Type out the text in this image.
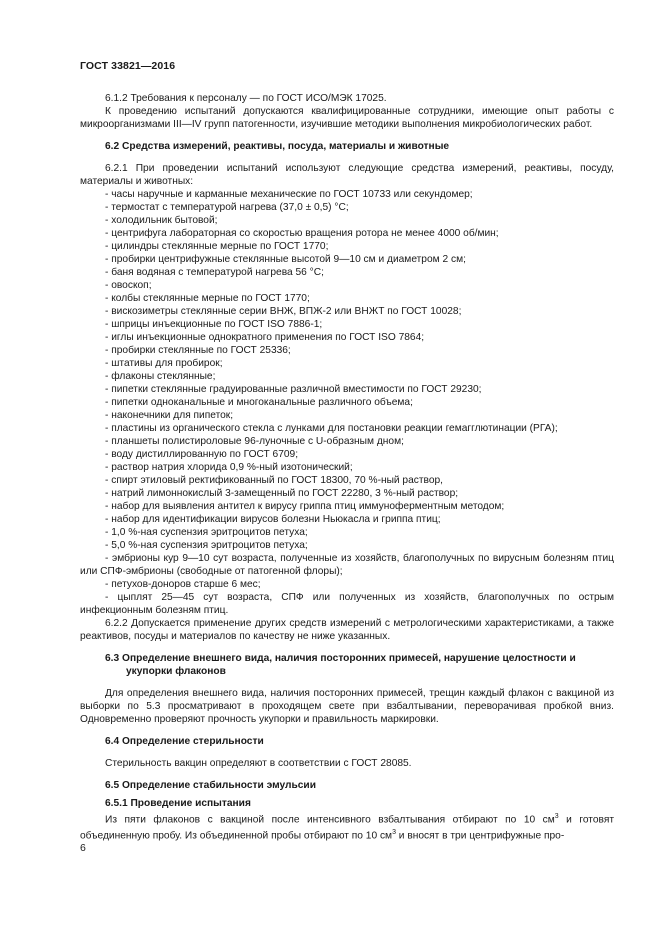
ГОСТ 33821—2016

6.1.2 Требования к персоналу — по ГОСТ ИСО/МЭК 17025.

К проведению испытаний допускаются квалифицированные сотрудники, имеющие опыт работы с микроорганизмами III—IV групп патогенности, изучившие методики выполнения микробиологических работ.

6.2 Средства измерений, реактивы, посуда, материалы и животные

6.2.1 При проведении испытаний используют следующие средства измерений, реактивы, посуду, материалы и животных:

- часы наручные и карманные механические по ГОСТ 10733 или секундомер;

- термостат с температурой нагрева (37,0 ± 0,5) °С;

- холодильник бытовой;

- центрифуга лабораторная со скоростью вращения ротора не менее 4000 об/мин;

- цилиндры стеклянные мерные по ГОСТ 1770;

- пробирки центрифужные стеклянные высотой 9—10 см и диаметром 2 см;

- баня водяная с температурой нагрева 56 °С;

- овоскоп;

- колбы стеклянные мерные по ГОСТ 1770;

- вискозиметры стеклянные серии ВНЖ, ВПЖ-2 или ВНЖТ по ГОСТ 10028;

- шприцы инъекционные по ГОСТ ISO 7886-1;

- иглы инъекционные однократного применения по ГОСТ ISO 7864;

- пробирки стеклянные по ГОСТ 25336;

- штативы для пробирок;

- флаконы стеклянные;

- пипетки стеклянные градуированные различной вместимости по ГОСТ 29230;

- пипетки одноканальные и многоканальные различного объема;

- наконечники для пипеток;

- пластины из органического стекла с лунками для постановки реакции гемагглютинации (РГА);

- планшеты полистироловые 96-луночные с U-образным дном;

- воду дистиллированную по ГОСТ 6709;

- раствор натрия хлорида 0,9 %-ный изотонический;

- спирт этиловый ректификованный по ГОСТ 18300, 70 %-ный раствор,

- натрий лимоннокислый 3-замещенный по ГОСТ 22280, 3 %-ный раствор;

- набор для выявления антител к вирусу гриппа птиц иммуноферментным методом;

- набор для идентификации вирусов болезни Ньюкасла и гриппа птиц;

- 1,0 %-ная суспензия эритроцитов петуха;

- 5,0 %-ная суспензия эритроцитов петуха;

- эмбрионы кур 9—10 сут возраста, полученные из хозяйств, благополучных по вирусным болезням птиц или СПФ-эмбрионы (свободные от патогенной флоры);

- петухов-доноров старше 6 мес;

- цыплят 25—45 сут возраста, СПФ или полученных из хозяйств, благополучных по острым инфекционным болезням птиц.

6.2.2 Допускается применение других средств измерений с метрологическими характеристиками, а также реактивов, посуды и материалов по качеству не ниже указанных.

6.3 Определение внешнего вида, наличия посторонних примесей, нарушение целостности и укупорки флаконов

Для определения внешнего вида, наличия посторонних примесей, трещин каждый флакон с вакциной из выборки по 5.3 просматривают в проходящем свете при взбалтывании, переворачивая пробкой вниз. Одновременно проверяют прочность укупорки и правильность маркировки.

6.4 Определение стерильности

Стерильность вакцин определяют в соответствии с ГОСТ 28085.

6.5 Определение стабильности эмульсии

6.5.1 Проведение испытания

Из пяти флаконов с вакциной после интенсивного взбалтывания отбирают по 10 $см^3$ и готовят объединенную пробу. Из объединенной пробы отбирают по 10 $см^3$ и вносят в три центрифужные про-

6
